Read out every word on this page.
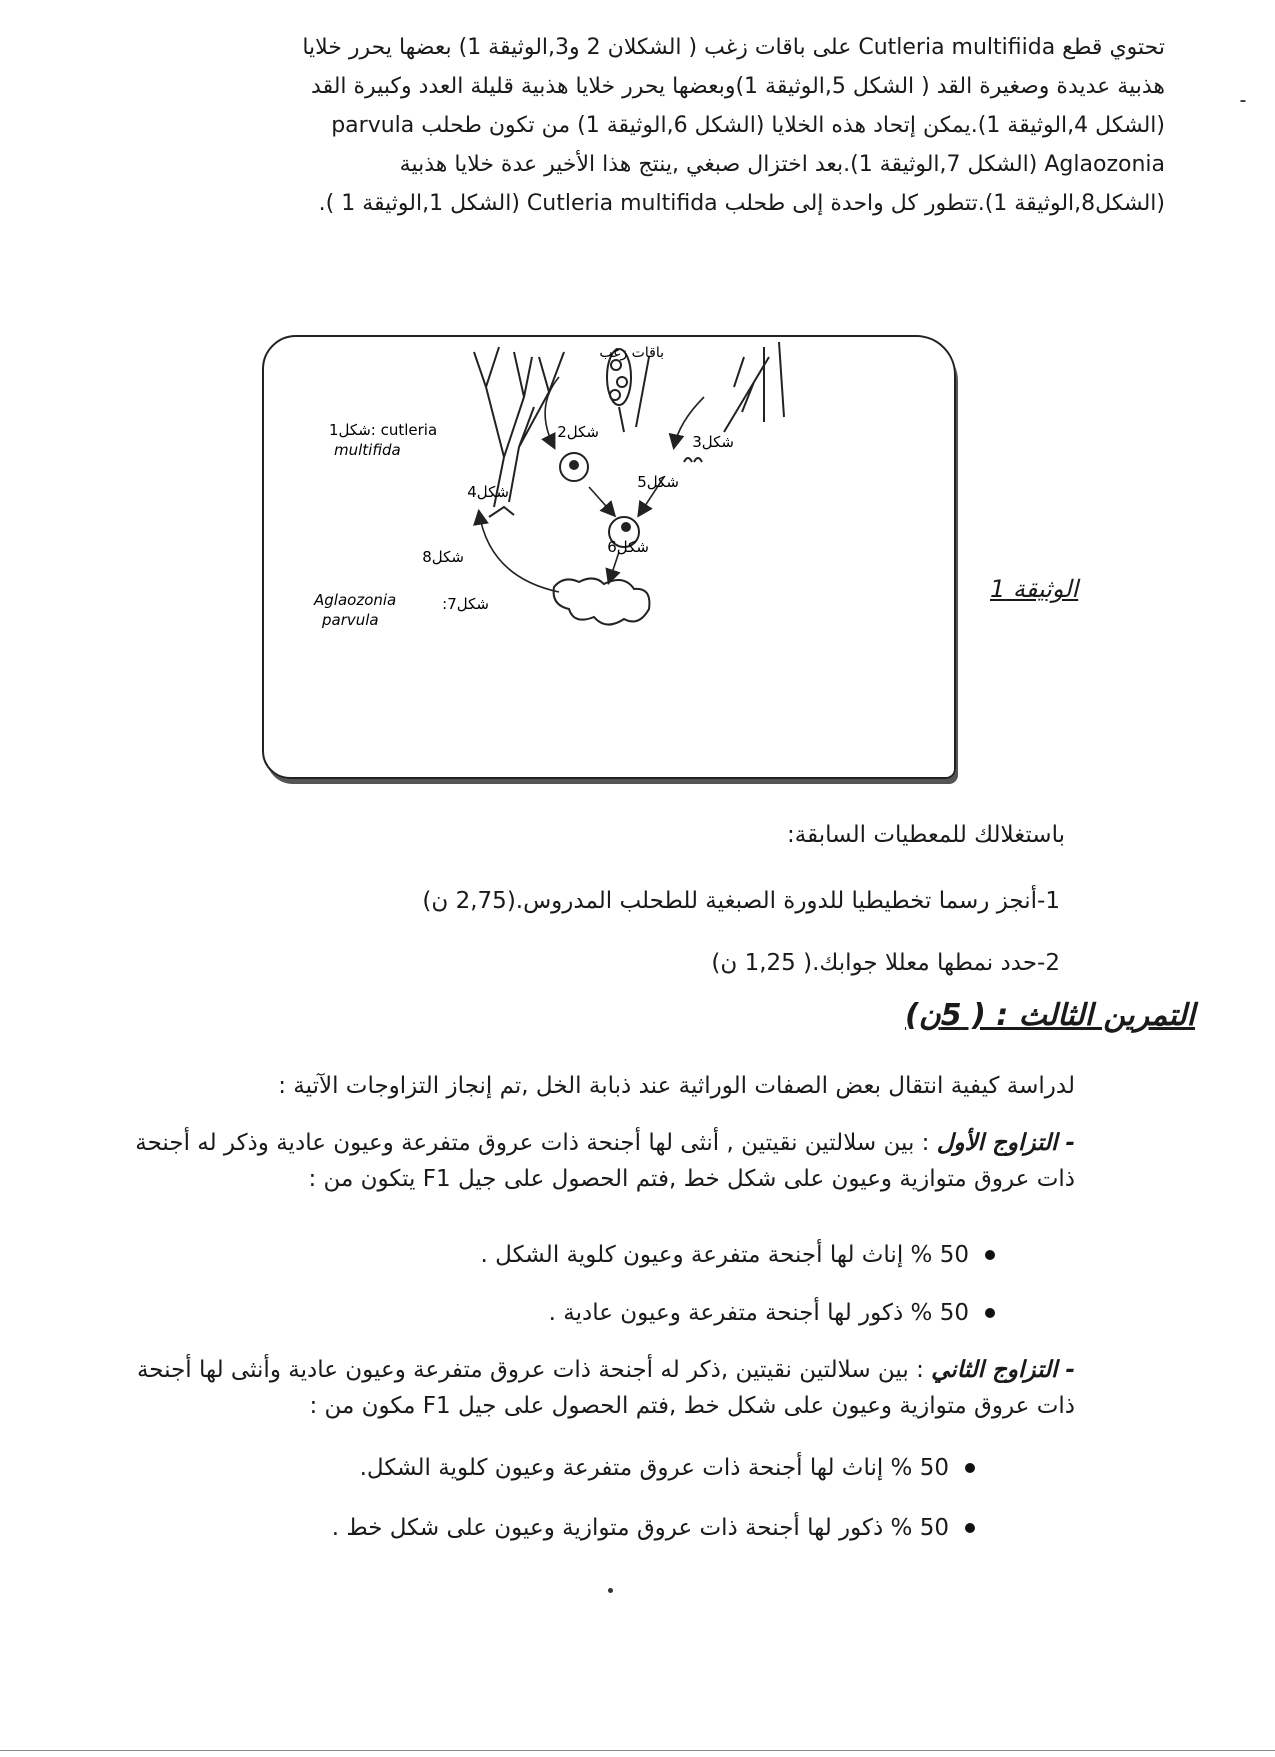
تحتوي قطع Cutleria multifiida على باقات زغب ( الشكلان 2 و3,الوثيقة 1) بعضها يحرر خلايا

هذبية عديدة وصغيرة القد ( الشكل 5,الوثيقة 1)وبعضها يحرر خلايا هذبية قليلة العدد وكبيرة القد

(الشكل 4,الوثيقة 1).يمكن إتحاد هذه الخلايا (الشكل 6,الوثيقة 1) من تكون طحلب parvula

Aglaozonia (الشكل 7,الوثيقة 1).بعد اختزال صبغي ,ينتج هذا الأخير عدة خلايا هذبية

(الشكل8,الوثيقة 1).تتطور كل واحدة إلى طحلب Cutleria multifida (الشكل 1,الوثيقة 1 ).

شكل1: cutleria
multifida
شكل2
شكل3
باقات زغب
شكل4
شكل5
شكل6
شكل8
شكل7:
Aglaozonia
parvula
الوثيقة 1
باستغلالك للمعطيات السابقة:
1-أنجز رسما تخطيطيا للدورة الصبغية للطحلب المدروس.(2,75 ن)
2-حدد نمطها معللا جوابك.( 1,25 ن)
التمرين الثالث : ( 5ن)
لدراسة كيفية انتقال بعض الصفات الوراثية عند ذبابة الخل ,تم إنجاز التزاوجات الآتية :
- التزاوج الأول : بين سلالتين نقيتين , أنثى لها أجنحة ذات عروق متفرعة وعيون عادية وذكر له أجنحة ذات عروق متوازية وعيون على شكل خط ,فتم الحصول على جيل F1 يتكون من :
50 % إناث لها أجنحة متفرعة وعيون كلوية الشكل .
50 % ذكور لها أجنحة متفرعة وعيون عادية .
- التزاوج الثاني : بين سلالتين نقيتين ,ذكر له أجنحة ذات عروق متفرعة وعيون عادية وأنثى لها أجنحة ذات عروق متوازية وعيون على شكل خط ,فتم الحصول على جيل F1 مكون من :
50 % إناث لها أجنحة ذات عروق متفرعة وعيون كلوية الشكل.
50 % ذكور لها أجنحة ذات عروق متوازية وعيون على شكل خط .
